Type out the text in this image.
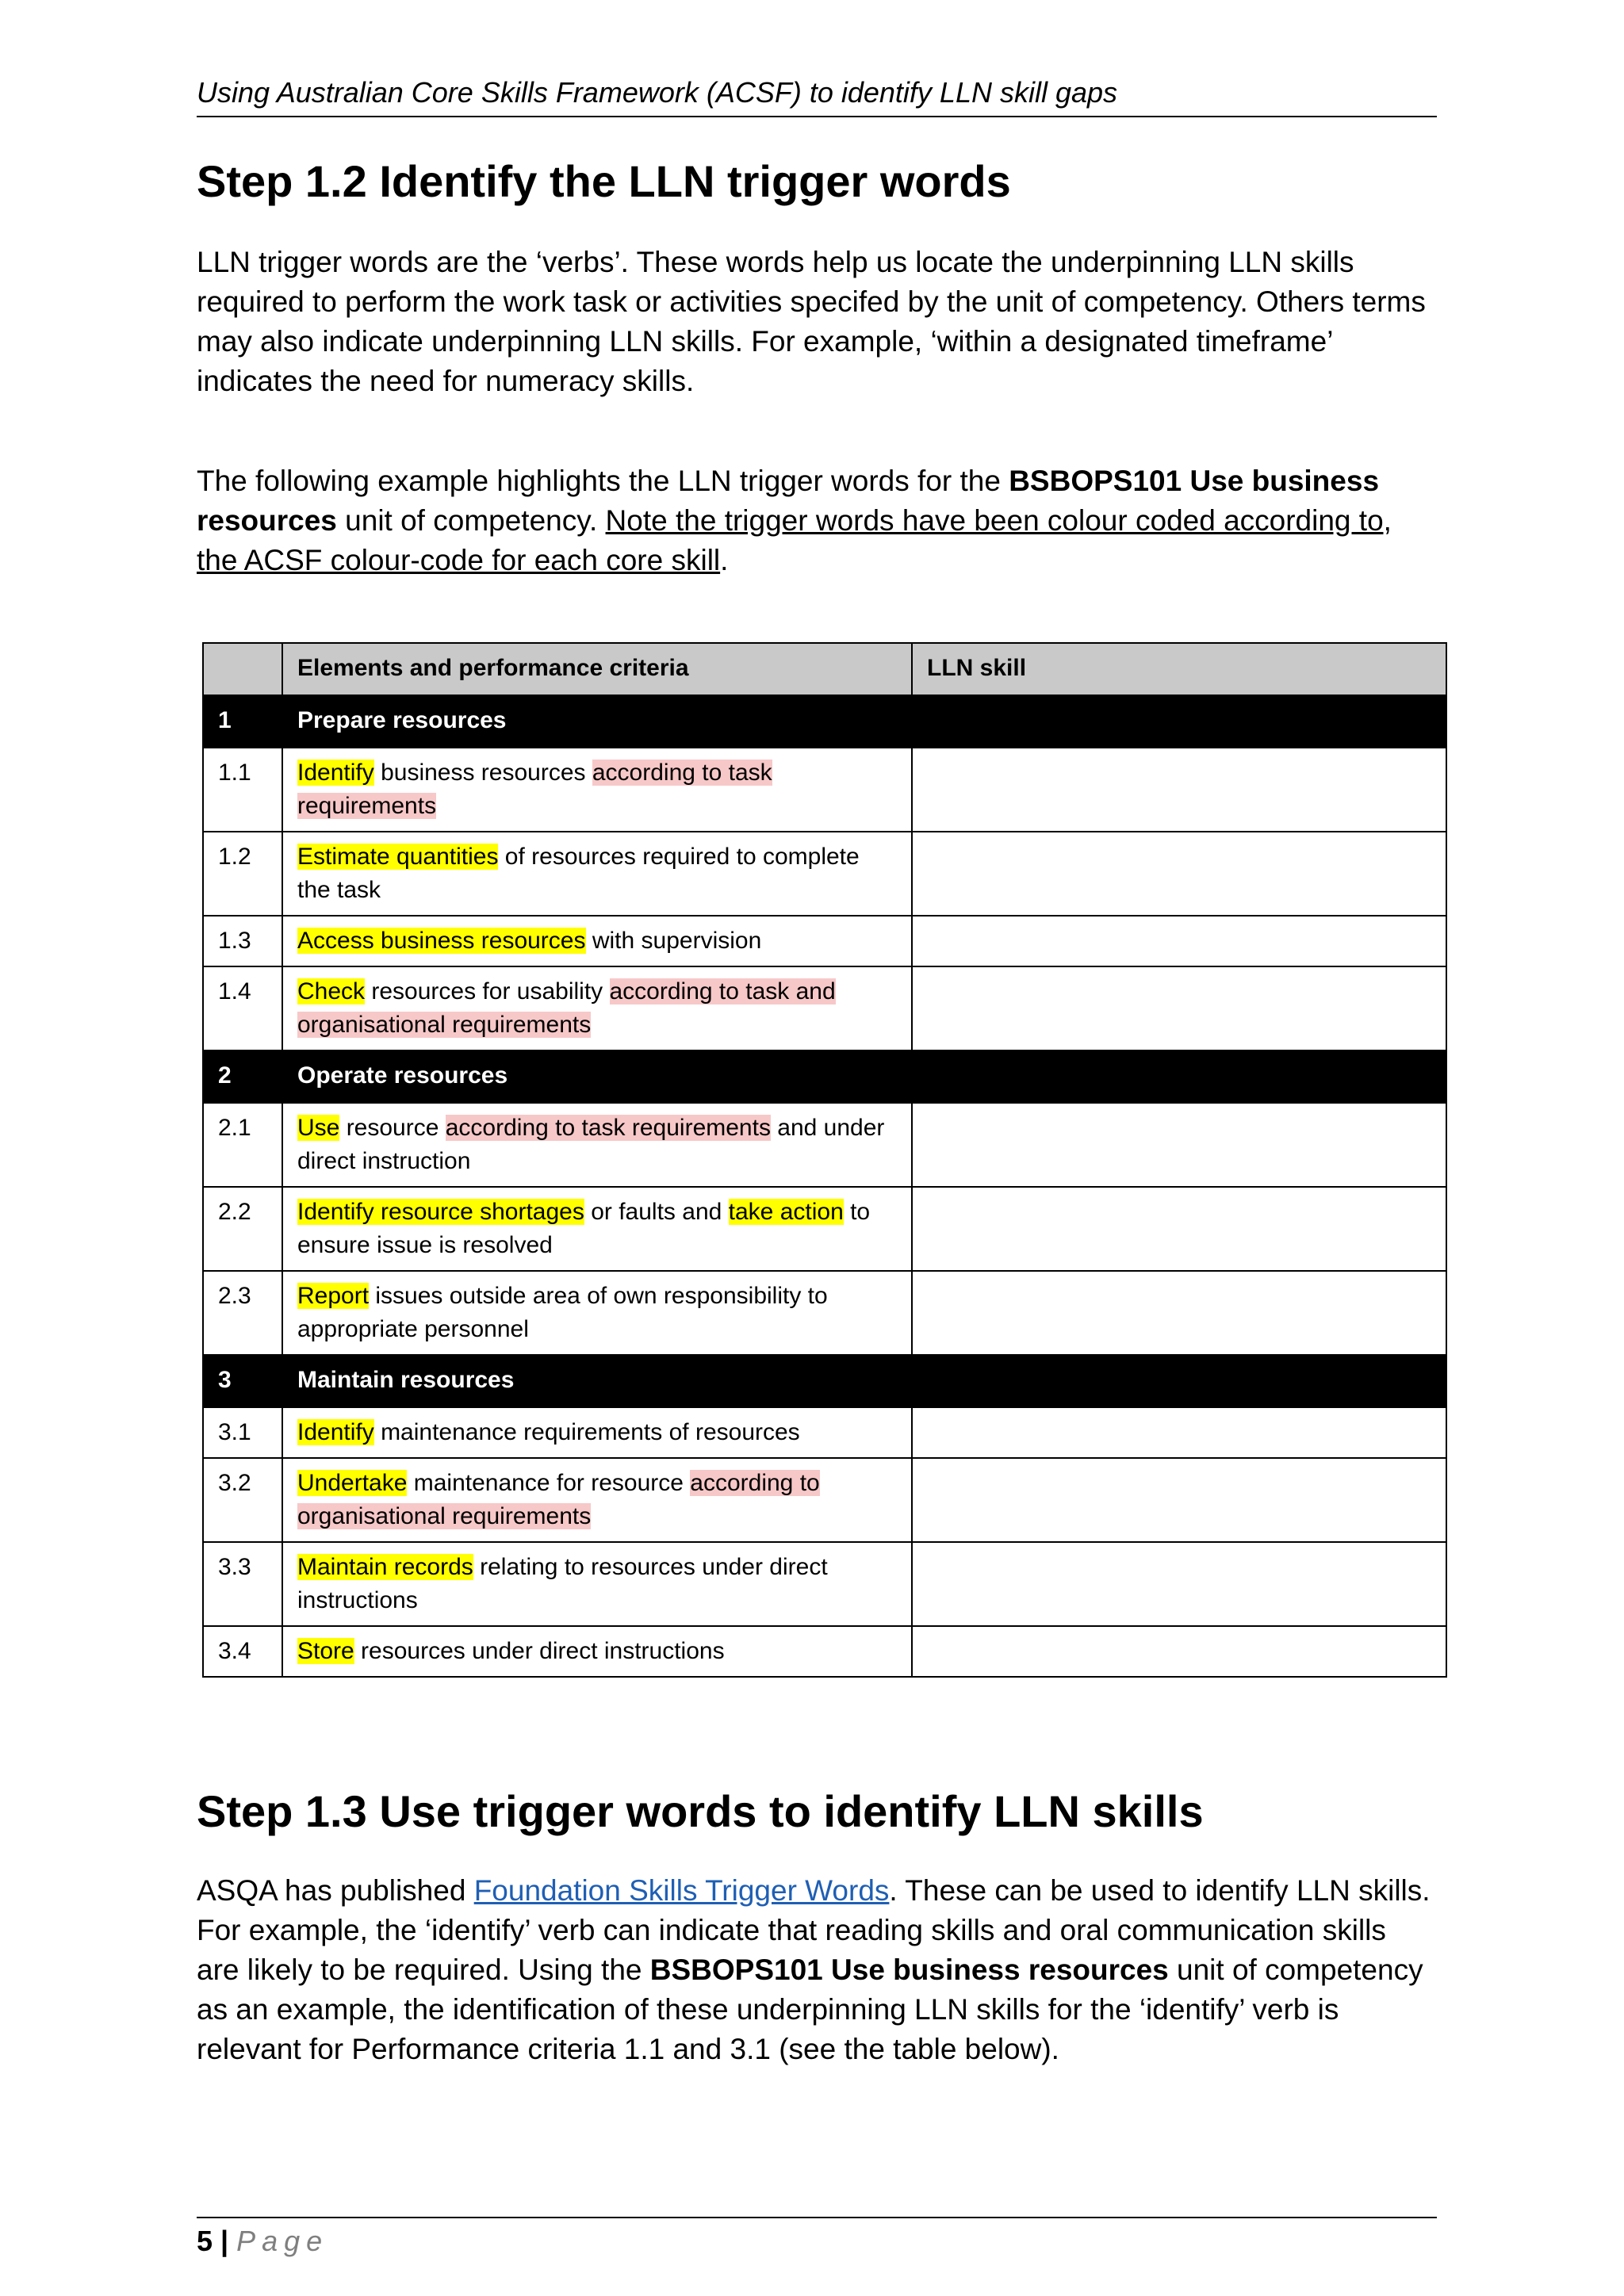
Using Australian Core Skills Framework (ACSF) to identify LLN skill gaps
Step 1.2 Identify the LLN trigger words

LLN trigger words are the ‘verbs’. These words help us locate the underpinning LLN skills required to perform the work task or activities specifed by the unit of competency. Others terms may also indicate underpinning LLN skills. For example, ‘within a designated timeframe’ indicates the need for numeracy skills.

The following example highlights the LLN trigger words for the BSBOPS101 Use business resources unit of competency. Note the trigger words have been colour coded according to, the ACSF colour-code for each core skill.

	Elements and performance criteria	LLN skill
1	Prepare resources	
1.1	Identify business resources according to task requirements	
1.2	Estimate quantities of resources required to complete the task	
1.3	Access business resources with supervision	
1.4	Check resources for usability according to task and organisational requirements	
2	Operate resources	
2.1	Use resource according to task requirements and under direct instruction	
2.2	Identify resource shortages or faults and take action to ensure issue is resolved	
2.3	Report issues outside area of own responsibility to appropriate personnel	
3	Maintain resources	
3.1	Identify maintenance requirements of resources	
3.2	Undertake maintenance for resource according to organisational requirements	
3.3	Maintain records relating to resources under direct instructions	
3.4	Store resources under direct instructions	
Step 1.3 Use trigger words to identify LLN skills

ASQA has published Foundation Skills Trigger Words. These can be used to identify LLN skills. For example, the ‘identify’ verb can indicate that reading skills and oral communication skills are likely to be required. Using the BSBOPS101 Use business resources unit of competency as an example, the identification of these underpinning LLN skills for the ‘identify’ verb is relevant for Performance criteria 1.1 and 3.1 (see the table below).

5 | Page
